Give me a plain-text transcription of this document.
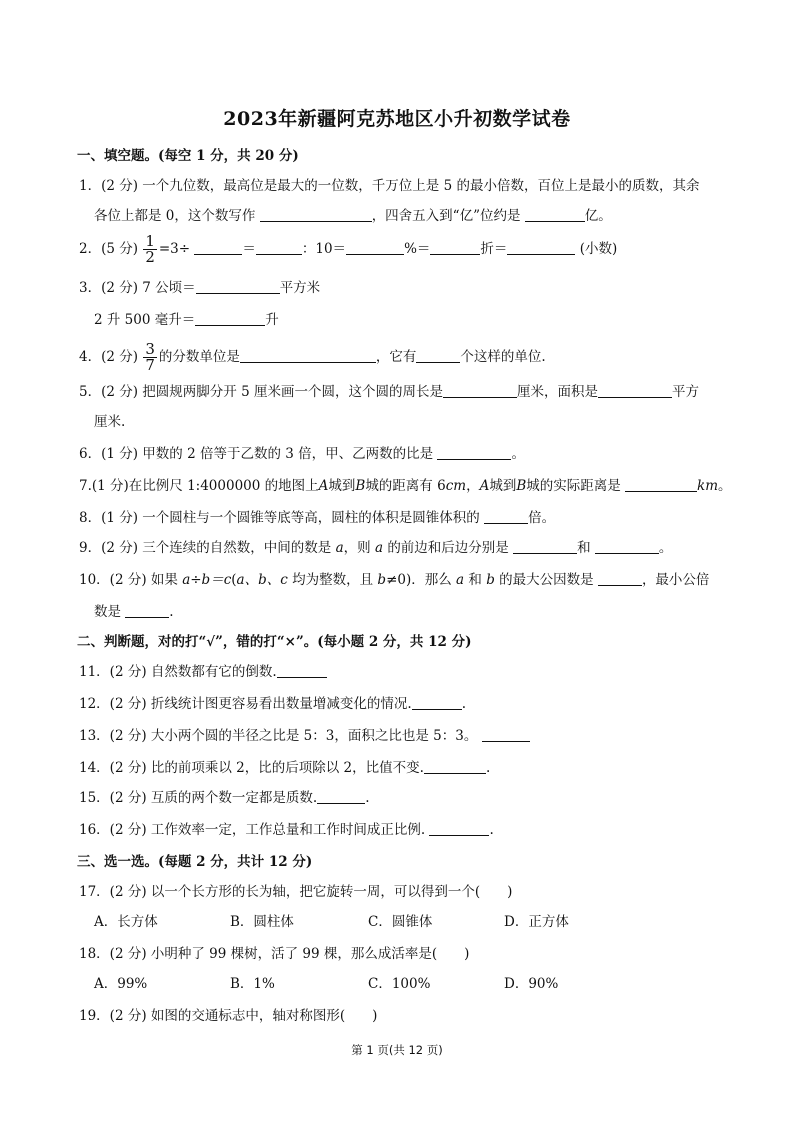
2023年新疆阿克苏地区小升初数学试卷
一、填空题。(每空 1 分，共 20 分)
1．(2 分) 一个九位数，最高位是最大的一位数，千万位上是 5 的最小倍数，百位上是最小的质数，其余
各位上都是 0，这个数写作	，四舍五入到“亿”位约是	亿。
2．(5 分) $\frac{1}{2} =3\div$	＝	：10＝	%＝	折＝	(小数)
3．(2 分) 7 公顷＝	平方米
2 升 500 毫升＝	升
4．(2 分) $\frac{3}{7}$ 的分数单位是	，它有	个这样的单位.
5．(2 分) 把圆规两脚分开 5 厘米画一个圆，这个圆的周长是	厘米，面积是	平方
厘米.
6．(1 分) 甲数的 2 倍等于乙数的 3 倍，甲、乙两数的比是	。
7.(1 分)在比例尺 1:4000000 的地图上A城到B城的距离有 6cm，A城到B城的实际距离是	km。
8．(1 分) 一个圆柱与一个圆锥等底等高，圆柱的体积是圆锥体积的	倍。
9．(2 分) 三个连续的自然数，中间的数是 a，则 a 的前边和后边分别是	和	。
10．(2 分) 如果 a÷b＝c(a、b、c 均为整数，且 b≠0)．那么 a 和 b 的最大公因数是	，最小公倍
数是	.
二、判断题，对的打“√”，错的打“×”。(每小题 2 分，共 12 分)
11．(2 分) 自然数都有它的倒数.
12．(2 分) 折线统计图更容易看出数量增减变化的情况.	.
13．(2 分) 大小两个圆的半径之比是 5：3，面积之比也是 5：3。
14．(2 分) 比的前项乘以 2，比的后项除以 2，比值不变.	.
15．(2 分) 互质的两个数一定都是质数.	.
16．(2 分) 工作效率一定，工作总量和工作时间成正比例.	.
三、选一选。(每题 2 分，共计 12 分)
17．(2 分) 以一个长方形的长为轴，把它旋转一周，可以得到一个(　　)
A．长方体	B．圆柱体	C．圆锥体	D．正方体
18．(2 分) 小明种了 99 棵树，活了 99 棵，那么成活率是(　　)
A．99%	B．1%	C．100%	D．90%
19．(2 分) 如图的交通标志中，轴对称图形(　　)
第 1 页(共 12 页)
